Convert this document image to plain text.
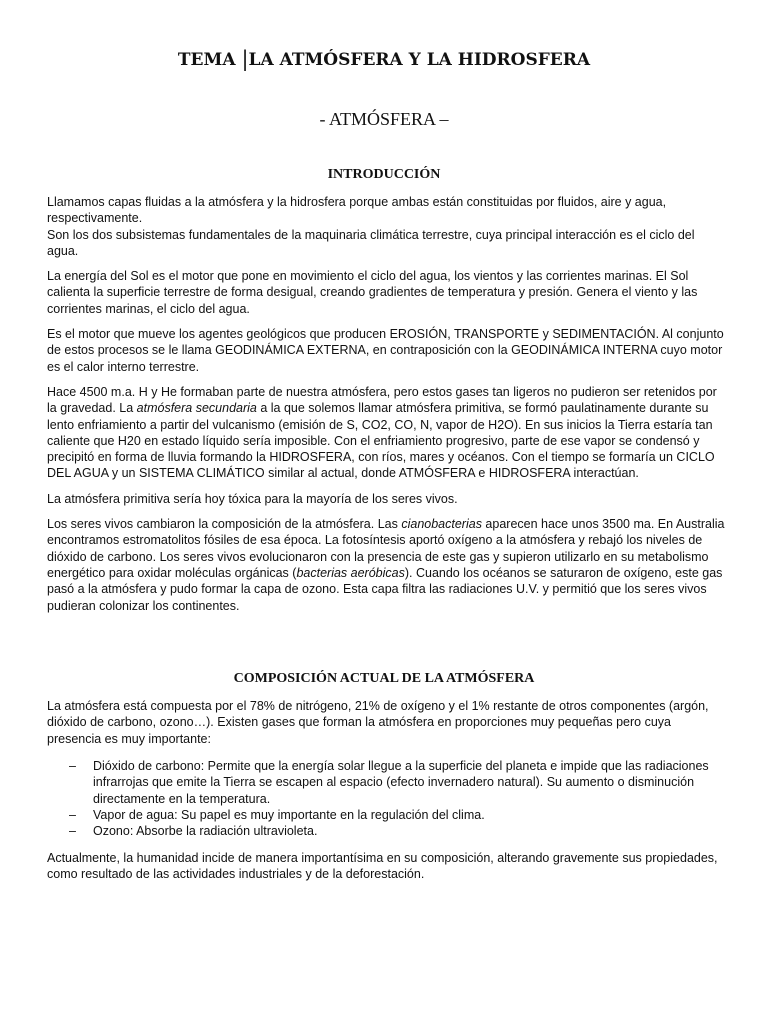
TEMA |LA ATMÓSFERA Y LA HIDROSFERA
- ATMÓSFERA –
INTRODUCCIÓN

Llamamos capas fluidas a la atmósfera y la hidrosfera porque ambas están constituidas por fluidos, aire y agua, respectivamente.

Son los dos subsistemas fundamentales de la maquinaria climática terrestre, cuya principal interacción es el ciclo del agua.

La energía del Sol es el motor que pone en movimiento el ciclo del agua, los vientos y las corrientes marinas. El Sol calienta la superficie terrestre de forma desigual, creando gradientes de temperatura y presión. Genera el viento y las corrientes marinas, el ciclo del agua.

Es el motor que mueve los agentes geológicos que producen EROSIÓN, TRANSPORTE y SEDIMENTACIÓN. Al conjunto de estos procesos se le llama GEODINÁMICA EXTERNA, en contraposición con la GEODINÁMICA INTERNA cuyo motor es el calor interno terrestre.

Hace 4500 m.a. H y He formaban parte de nuestra atmósfera, pero estos gases tan ligeros no pudieron ser retenidos por la gravedad. La atmósfera secundaria a la que solemos llamar atmósfera primitiva, se formó paulatinamente durante su lento enfriamiento a partir del vulcanismo (emisión de S, CO2, CO, N, vapor de H2O). En sus inicios la Tierra estaría tan caliente que H20 en estado líquido sería imposible. Con el enfriamiento progresivo, parte de ese vapor se condensó y precipitó en forma de lluvia formando la HIDROSFERA, con ríos, mares y océanos. Con el tiempo se formaría un CICLO DEL AGUA y un SISTEMA CLIMÁTICO similar al actual, donde ATMÓSFERA e HIDROSFERA interactúan.

La atmósfera primitiva sería hoy tóxica para la mayoría de los seres vivos.

Los seres vivos cambiaron la composición de la atmósfera. Las cianobacterias aparecen hace unos 3500 ma. En Australia encontramos estromatolitos fósiles de esa época. La fotosíntesis aportó oxígeno a la atmósfera y rebajó los niveles de dióxido de carbono. Los seres vivos evolucionaron con la presencia de este gas y supieron utilizarlo en su metabolismo energético para oxidar moléculas orgánicas (bacterias aeróbicas). Cuando los océanos se saturaron de oxígeno, este gas pasó a la atmósfera y pudo formar la capa de ozono. Esta capa filtra las radiaciones U.V. y permitió que los seres vivos pudieran colonizar los continentes.

COMPOSICIÓN ACTUAL DE LA ATMÓSFERA

La atmósfera está compuesta por el 78% de nitrógeno, 21% de oxígeno y el 1% restante de otros componentes (argón, dióxido de carbono, ozono…). Existen gases que forman la atmósfera en proporciones muy pequeñas pero cuya presencia es muy importante:

– Dióxido de carbono: Permite que la energía solar llegue a la superficie del planeta e impide que las radiaciones infrarrojas que emite la Tierra se escapen al espacio (efecto invernadero natural). Su aumento o disminución directamente en la temperatura.
– Vapor de agua: Su papel es muy importante en la regulación del clima.
– Ozono: Absorbe la radiación ultravioleta.

Actualmente, la humanidad incide de manera importantísima en su composición, alterando gravemente sus propiedades, como resultado de las actividades industriales y de la deforestación.
